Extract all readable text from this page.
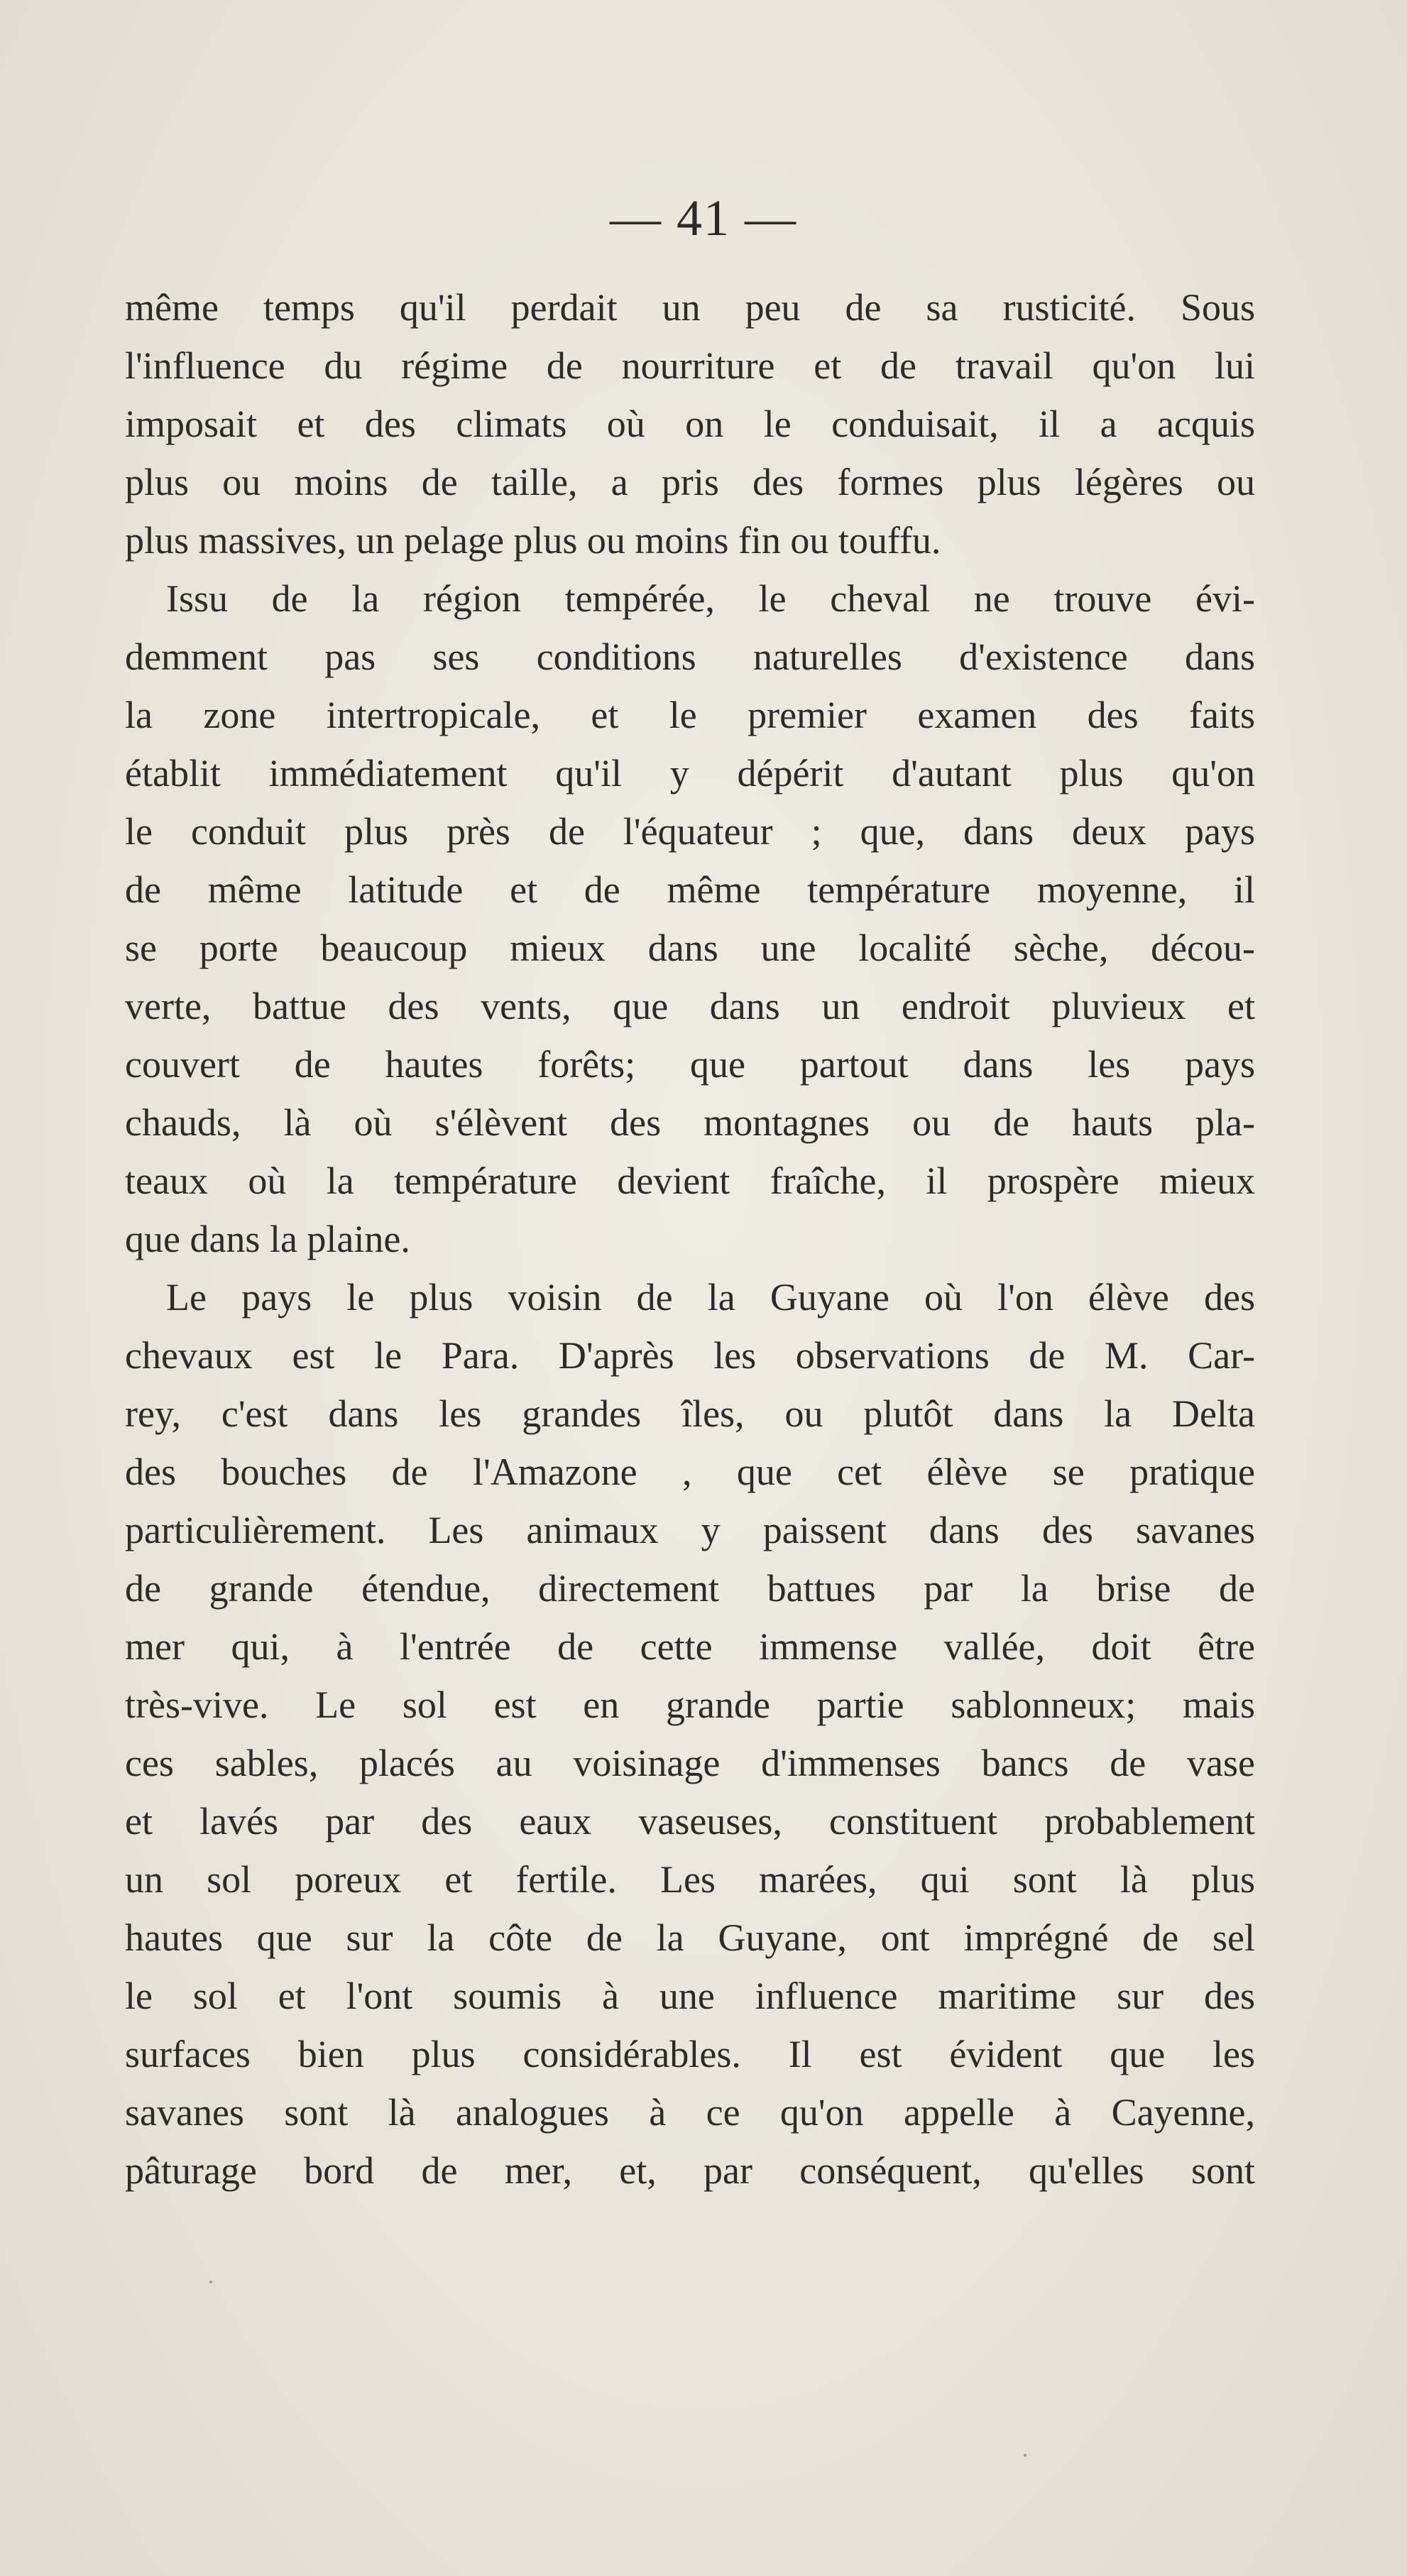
— 41 —
même temps qu'il perdait un peu de sa rusticité. Sous
l'influence du régime de nourriture et de travail qu'on lui
imposait et des climats où on le conduisait, il a acquis
plus ou moins de taille, a pris des formes plus légères ou
plus massives, un pelage plus ou moins fin ou touffu.
Issu de la région tempérée, le cheval ne trouve évi-
demment pas ses conditions naturelles d'existence dans
la zone intertropicale, et le premier examen des faits
établit immédiatement qu'il y dépérit d'autant plus qu'on
le conduit plus près de l'équateur ; que, dans deux pays
de même latitude et de même température moyenne, il
se porte beaucoup mieux dans une localité sèche, décou-
verte, battue des vents, que dans un endroit pluvieux et
couvert de hautes forêts; que partout dans les pays
chauds, là où s'élèvent des montagnes ou de hauts pla-
teaux où la température devient fraîche, il prospère mieux
que dans la plaine.
Le pays le plus voisin de la Guyane où l'on élève des
chevaux est le Para. D'après les observations de M. Car-
rey, c'est dans les grandes îles, ou plutôt dans la Delta
des bouches de l'Amazone , que cet élève se pratique
particulièrement. Les animaux y paissent dans des savanes
de grande étendue, directement battues par la brise de
mer qui, à l'entrée de cette immense vallée, doit être
très-vive. Le sol est en grande partie sablonneux; mais
ces sables, placés au voisinage d'immenses bancs de vase
et lavés par des eaux vaseuses, constituent probablement
un sol poreux et fertile. Les marées, qui sont là plus
hautes que sur la côte de la Guyane, ont imprégné de sel
le sol et l'ont soumis à une influence maritime sur des
surfaces bien plus considérables. Il est évident que les
savanes sont là analogues à ce qu'on appelle à Cayenne,
pâturage bord de mer, et, par conséquent, qu'elles sont
